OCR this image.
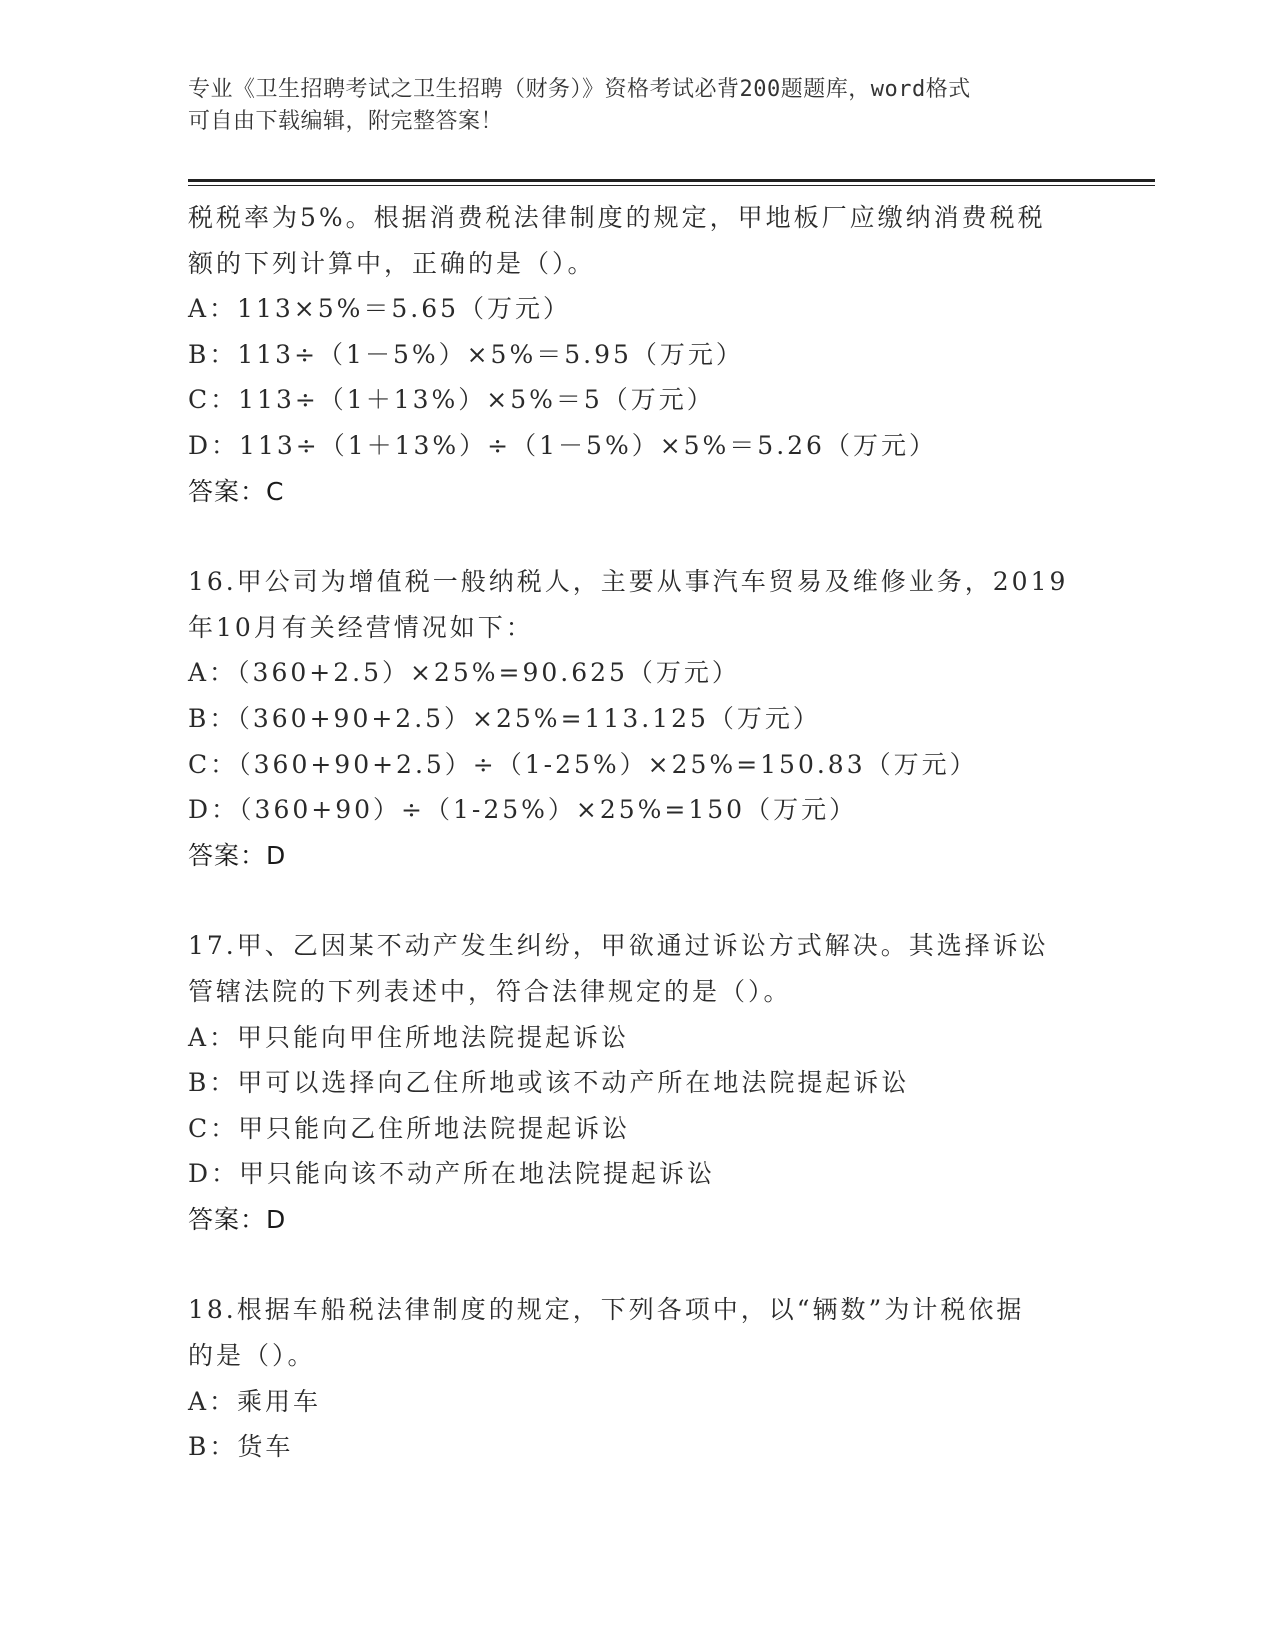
专业《卫生招聘考试之卫生招聘（财务）》资格考试必背200题题库，word格式
可自由下载编辑，附完整答案！
税税率为5%。根据消费税法律制度的规定，甲地板厂应缴纳消费税税
额的下列计算中，正确的是（）。
A：113×5%＝5.65（万元）
B：113÷（1－5%）×5%＝5.95（万元）
C：113÷（1＋13%）×5%＝5（万元）
D：113÷（1＋13%）÷（1－5%）×5%＝5.26（万元）
答案：C
16.甲公司为增值税一般纳税人，主要从事汽车贸易及维修业务，2019
年10月有关经营情况如下：
A：（360+2.5）×25%=90.625（万元）
B：（360+90+2.5）×25%=113.125（万元）
C：（360+90+2.5）÷（1-25%）×25%=150.83（万元）
D：（360+90）÷（1-25%）×25%=150（万元）
答案：D
17.甲、乙因某不动产发生纠纷，甲欲通过诉讼方式解决。其选择诉讼
管辖法院的下列表述中，符合法律规定的是（）。
A：甲只能向甲住所地法院提起诉讼
B：甲可以选择向乙住所地或该不动产所在地法院提起诉讼
C：甲只能向乙住所地法院提起诉讼
D：甲只能向该不动产所在地法院提起诉讼
答案：D
18.根据车船税法律制度的规定，下列各项中，以“辆数”为计税依据
的是（）。
A：乘用车
B：货车
